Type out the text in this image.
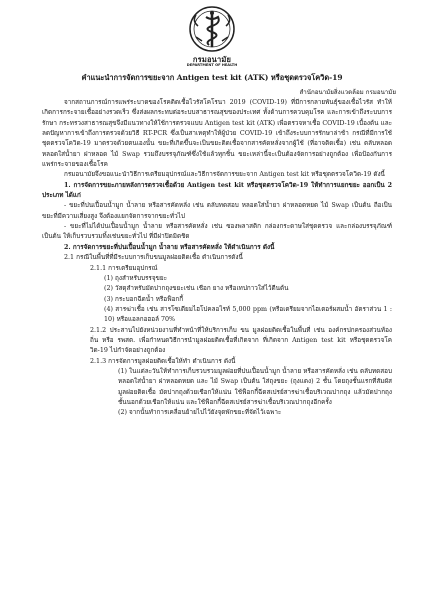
กรมอนามัย
DEPARTMENT OF HEALTH
คำแนะนำการจัดการขยะจาก Antigen test kit (ATK) หรือชุดตรวจโควิด-19
สำนักอนามัยสิ่งแวดล้อม กรมอนามัย

จากสถานการณ์การแพร่ระบาดของโรคติดเชื้อไวรัสโคโรนา 2019 (COVID-19) ที่มีการกลายพันธุ์ของเชื้อไวรัส ทำให้เกิดการกระจายเชื้ออย่างรวดเร็ว ซึ่งส่งผลกระทบต่อระบบสาธารณสุขของประเทศ ทั้งด้านการควบคุมโรค และการเข้าถึงระบบการรักษา กระทรวงสาธารณสุขจึงมีแนวทางให้ใช้การตรวจแบบ Antigen test kit (ATK) เพื่อตรวจหาเชื้อ COVID-19 เบื้องต้น และลดปัญหาการเข้าถึงการตรวจด้วยวิธี RT-PCR ซึ่งเป็นสาเหตุทำให้ผู้ป่วย COVID-19 เข้าถึงระบบการรักษาล่าช้า กรณีที่มีการใช้ชุดตรวจโควิด-19 มาตรวจด้วยตนเองนั้น ขยะที่เกิดขึ้นจะเป็นขยะติดเชื้อจากสารคัดหลั่งจากผู้ใช้ (ที่อาจติดเชื้อ) เช่น ตลับหลอด หลอดใส่น้ำยา ฝาหลอด ไม้ Swap รวมถึงบรรจุภัณฑ์ซึ่งใช้แล้วทุกชิ้น ขยะเหล่านี้จะเป็นต้องจัดการอย่างถูกต้อง เพื่อป้องกันการแพร่กระจายของเชื้อโรค

กรมอนามัยจึงขอแนะนำวิธีการเตรียมอุปกรณ์และวิธีการจัดการขยะจาก Antigen test kit หรือชุดตรวจโควิด-19 ดังนี้

1. การจัดการขยะภายหลังการตรวจเชื้อด้วย Antigen test kit หรือชุดตรวจโควิด-19 ให้ทำการแยกขยะ ออกเป็น 2 ประเภท ได้แก่

- ขยะที่ปนเปื้อนน้ำมูก น้ำลาย หรือสารคัดหลั่ง เช่น ตลับทดสอบ หลอดใส่น้ำยา ฝาหลอดหยด ไม้ Swap เป็นต้น ถือเป็นขยะที่มีความเสี่ยงสูง จึงต้องแยกจัดการจากขยะทั่วไป

- ขยะที่ไม่ได้ปนเปื้อนน้ำมูก น้ำลาย หรือสารคัดหลั่ง เช่น ซองพลาสติก กล่องกระดาษใส่ชุดตรวจ และกล่องบรรจุภัณฑ์ เป็นต้น ให้เก็บรวบรวมทิ้งเช่นขยะทั่วไป ที่มีฝาปิดมิดชิด

2. การจัดการขยะที่ปนเปื้อนน้ำมูก น้ำลาย หรือสารคัดหลั่ง ให้ดำเนินการ ดังนี้

2.1 กรณีในพื้นที่ที่มีระบบการเก็บขนมูลฝอยติดเชื้อ ดำเนินการดังนี้

2.1.1 การเตรียมอุปกรณ์

(1) ถุงสำหรับบรรจุขยะ

(2) วัสดุสำหรับมัดปากถุงขยะเช่น เชือก ยาง หรือเทปกาวใส่ไว้ตีนต้น

(3) กระบอกฉีดน้ำ หรือฟ็อกกี้

(4) สารฆ่าเชื้อ เช่น สารโซเดียมไฮโปคลอไรท์ 5,000 ppm (หรือเตรียมจากไฮเตอร์ผสมน้ำ อัตราส่วน 1 : 10) หรือแอลกอฮอล์ 70%

2.1.2 ประสานไปยังหน่วยงานที่ทำหน้าที่ให้บริการเก็บ ขน มูลฝอยติดเชื้อในพื้นที่ เช่น องค์กรปกครองส่วนท้องถิ่น หรือ รพสต. เพื่อกำหนดวิธีการนำมูลฝอยติดเชื้อที่เกิดจาก ที่เกิดจาก Antigen test kit หรือชุดตรวจโควิด-19 ไปกำจัดอย่างถูกต้อง

2.1.3 การจัดการมูลฝอยติดเชื้อให้ทำ ดำเนินการ ดังนี้

(1) ในแต่ละวันให้ทำการเก็บรวบรวมมูลฝอยที่ปนเปื้อนน้ำมูก น้ำลาย หรือสารคัดหลั่ง เช่น ตลับทดสอบ หลอดใส่น้ำยา ฝาหลอดหยด และ ไม้ Swap เป็นต้น ใส่ถุงขยะ (ถุงแดง) 2 ชั้น โดยถุงชั้นแรกที่สัมผัสมูลฝอยติดเชื้อ มัดปากถุงด้วยเชือกให้แน่น ใช้ฟ็อกกี้ฉีดสเปรย์สารฆ่าเชื้อบริเวณปากถุง แล้วมัดปากถุงชั้นนอกด้วยเชือกให้แน่น และใช้ฟ็อกกี้ฉีดสเปรย์สารฆ่าเชื้อบริเวณปากถุงอีกครั้ง

(2) จากนั้นทำการเคลื่อนย้ายไปไว้ยังจุดพักขยะที่จัดไว้เฉพาะ
